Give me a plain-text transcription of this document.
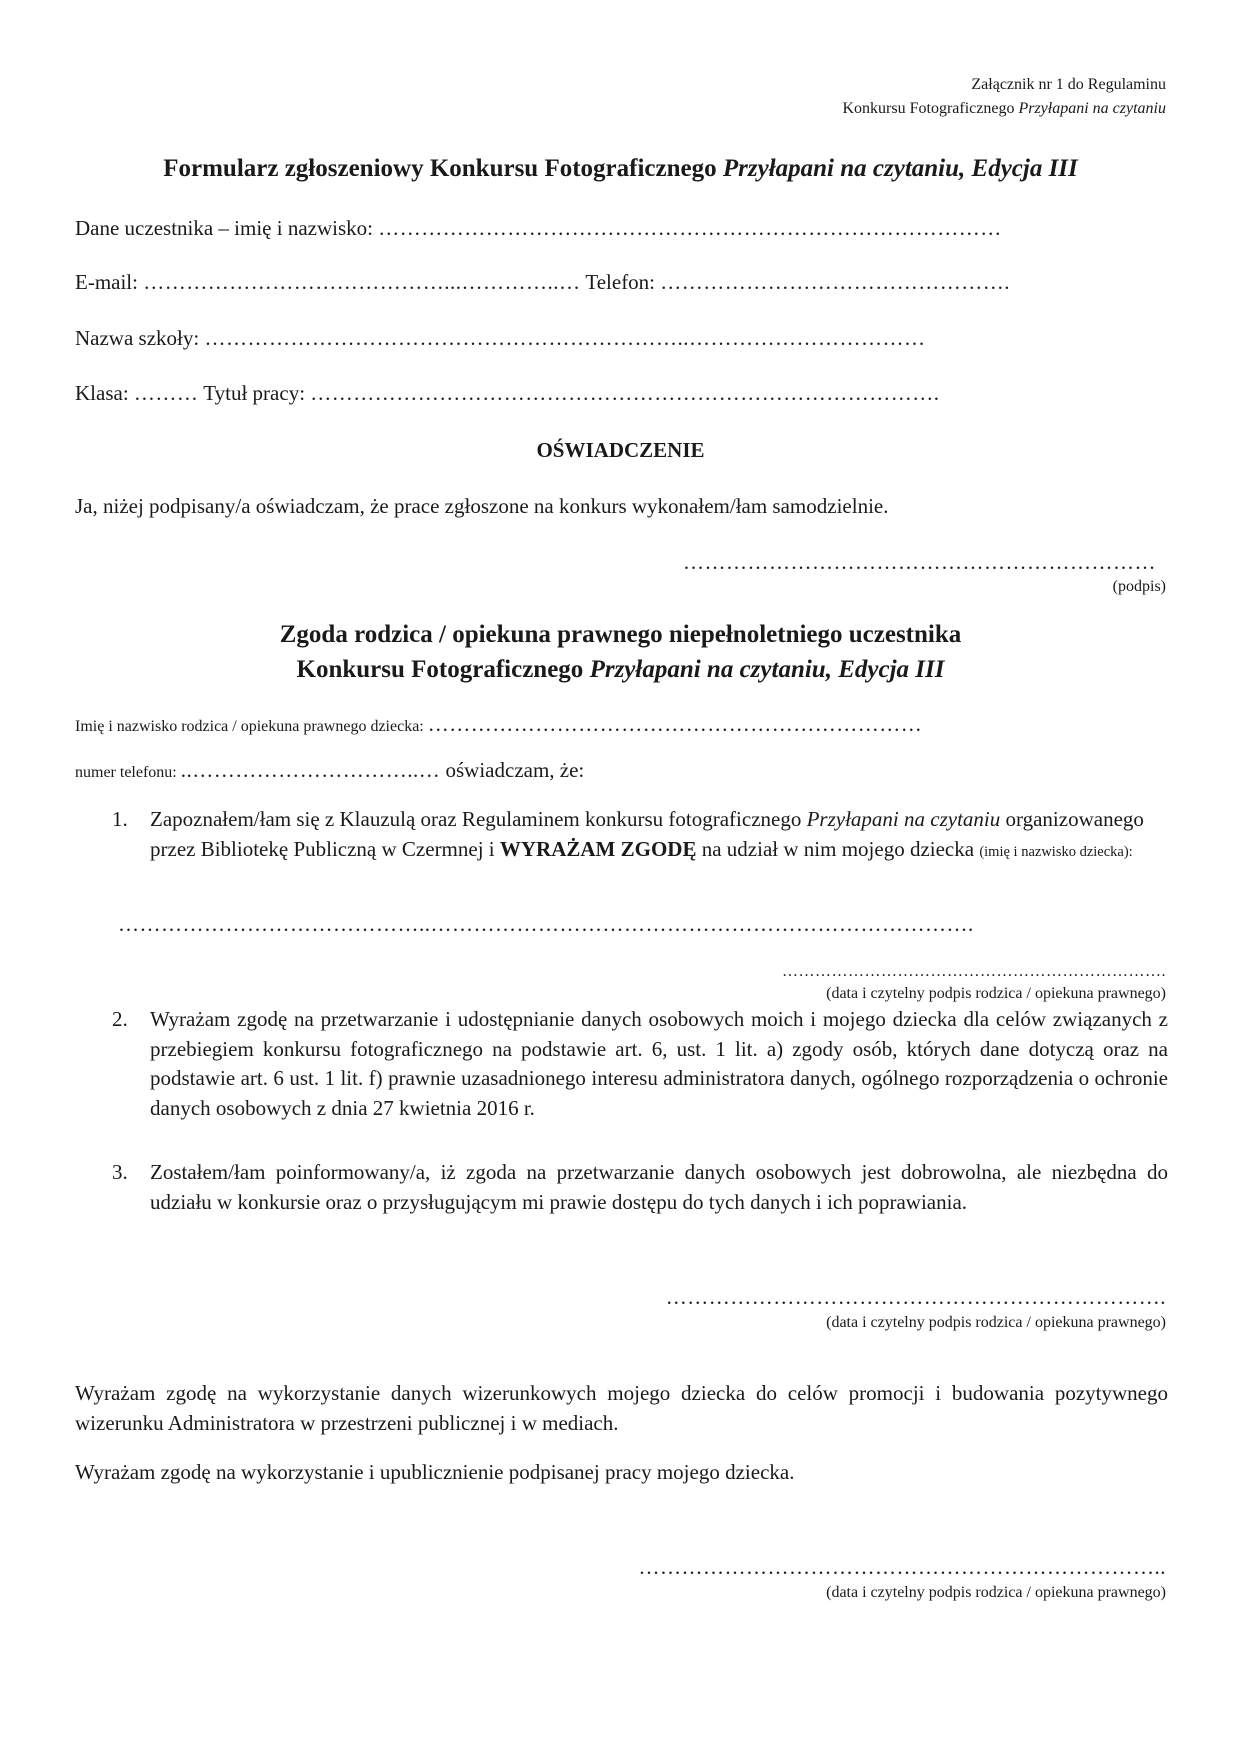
Załącznik nr 1 do Regulaminu
Konkursu Fotograficznego Przyłapani na czytaniu
Formularz zgłoszeniowy Konkursu Fotograficznego Przyłapani na czytaniu, Edycja III
Dane uczestnika – imię i nazwisko: ……………………………………………………………………………
E-mail: ……………………………………...…………..… Telefon: ………………………………………….
Nazwa szkoły: …………………………………………………………..……………………………
Klasa: ……… Tytuł pracy: …………………………………………………………………………….
OŚWIADCZENIE
Ja, niżej podpisany/a oświadczam, że prace zgłoszone na konkurs wykonałem/łam samodzielnie.
…………………………………………………………
(podpis)
Zgoda rodzica / opiekuna prawnego niepełnoletniego uczestnika
Konkursu Fotograficznego Przyłapani na czytaniu, Edycja III
Imię i nazwisko rodzica / opiekuna prawnego dziecka: ……………………………………………………………
numer telefonu: ..…………………………..… oświadczam, że:
1. Zapoznałem/łam się z Klauzulą oraz Regulaminem konkursu fotograficznego Przyłapani na czytaniu organizowanego przez Bibliotekę Publiczną w Czermnej i WYRAŻAM ZGODĘ na udział w nim mojego dziecka (imię i nazwisko dziecka):
……………………………………..………………………………………………………………….
…………………………………………………………….
(data i czytelny podpis rodzica / opiekuna prawnego)
2. Wyrażam zgodę na przetwarzanie i udostępnianie danych osobowych moich i mojego dziecka dla celów związanych z przebiegiem konkursu fotograficznego na podstawie art. 6, ust. 1 lit. a) zgody osób, których dane dotyczą oraz na podstawie art. 6 ust. 1 lit. f) prawnie uzasadnionego interesu administratora danych, ogólnego rozporządzenia o ochronie danych osobowych z dnia 27 kwietnia 2016 r.
3. Zostałem/łam poinformowany/a, iż zgoda na przetwarzanie danych osobowych jest dobrowolna, ale niezbędna do udziału w konkursie oraz o przysługującym mi prawie dostępu do tych danych i ich poprawiania.
…………………………………………………………….
(data i czytelny podpis rodzica / opiekuna prawnego)
Wyrażam zgodę na wykorzystanie danych wizerunkowych mojego dziecka do celów promocji i budowania pozytywnego wizerunku Administratora w przestrzeni publicznej i w mediach.
Wyrażam zgodę na wykorzystanie i upublicznienie podpisanej pracy mojego dziecka.
………………………………………………………………..
(data i czytelny podpis rodzica / opiekuna prawnego)
